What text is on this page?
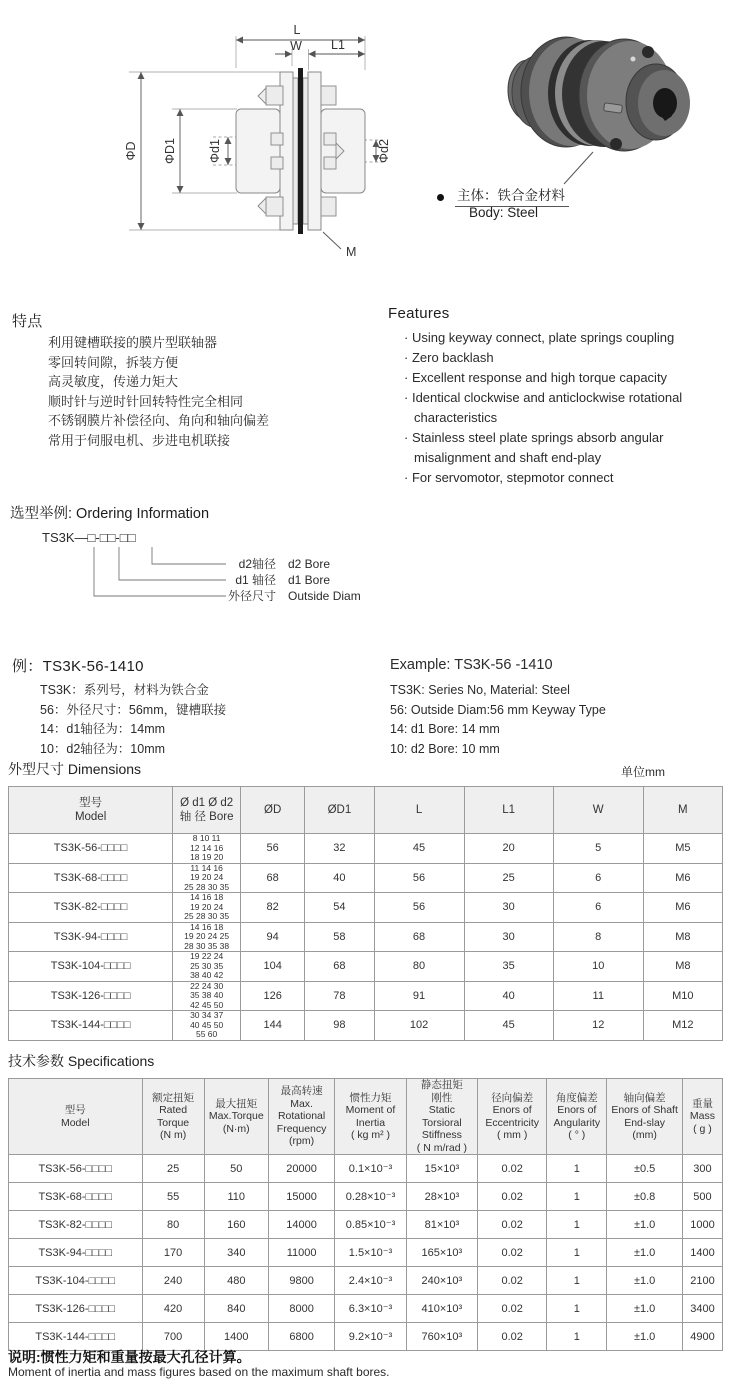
L
W L1
ΦD ΦD1 Φd1	Φd2
M
主体：铁合金材料
Body: Steel
特点
利用键槽联接的膜片型联轴器
零回转间隙，拆装方便
高灵敏度，传递力矩大
顺时针与逆时针回转特性完全相同
不锈钢膜片补偿径向、角向和轴向偏差
常用于伺服电机、步进电机联接
Features
· Using keyway connect, plate springs coupling
· Zero backlash
· Excellent response and high torque capacity
· Identical clockwise and anticlockwise rotational characteristics
· Stainless steel plate springs absorb angular misalignment and shaft end-play
· For servomotor, stepmotor connect
选型举例: Ordering Information
TS3K—□-□□-□□
d2轴径 d2 Bore
d1 轴径 d1 Bore
外径尺寸 Outside Diam
例：TS3K-56-1410
TS3K：系列号，材料为铁合金
56：外径尺寸：56mm，键槽联接
14：d1轴径为：14mm
10：d2轴径为：10mm
Example: TS3K-56 -1410
TS3K: Series No, Material: Steel
56: Outside Diam:56 mm Keyway Type
14: d1 Bore: 14 mm
10: d2 Bore: 10 mm
外型尺寸 Dimensions	单位mm
型号
Model

Ø d1 Ø d2
轴 径 Bore

ØD	ØD1	L	L1	W	M

TS3K-56-□□□□	8 10 11
12 14 16
18 19 20	56	32	45	20	5	M5
TS3K-68-□□□□	11 14 16
19 20 24
25 28 30 35	68	40	56	25	6	M6
TS3K-82-□□□□	14 16 18
19 20 24
25 28 30 35	82	54	56	30	6	M6
TS3K-94-□□□□	14 16 18
19 20 24 25
28 30 35 38	94	58	68	30	8	M8
TS3K-104-□□□□	19 22 24
25 30 35
38 40 42	104	68	80	35	10	M8
TS3K-126-□□□□	22 24 30
35 38 40
42 45 50	126	78	91	40	11	M10
TS3K-144-□□□□	30 34 37
40 45 50
55 60	144	98	102	45	12	M12
技术参数 Specifications
型号
Model

额定扭矩
Rated
Torque
(N m)

最大扭矩
Max.Torque
(N·m)

最高转速
Max.
Rotational
Frequency
(rpm)

惯性力矩
Moment of
Inertia
( kg m² )

静态扭矩
刚性
Static
Torsioral
Stiffness
( N m/rad )

径向偏差
Enors of
Eccentricity
( mm )

角度偏差
Enors of
Angularity
( ° )

轴向偏差
Enors of Shaft
End-slay
(mm)

重量
Mass
( g )

TS3K-56-□□□□	25	50	20000	0.1×10⁻³	15×10³	0.02	1	±0.5	300
TS3K-68-□□□□	55	110	15000	0.28×10⁻³	28×10³	0.02	1	±0.8	500
TS3K-82-□□□□	80	160	14000	0.85×10⁻³	81×10³	0.02	1	±1.0	1000
TS3K-94-□□□□	170	340	11000	1.5×10⁻³	165×10³	0.02	1	±1.0	1400
TS3K-104-□□□□	240	480	9800	2.4×10⁻³	240×10³	0.02	1	±1.0	2100
TS3K-126-□□□□	420	840	8000	6.3×10⁻³	410×10³	0.02	1	±1.0	3400
TS3K-144-□□□□	700	1400	6800	9.2×10⁻³	760×10³	0.02	1	±1.0	4900
说明:惯性力矩和重量按最大孔径计算。
Moment of inertia and mass figures based on the maximum shaft bores.
